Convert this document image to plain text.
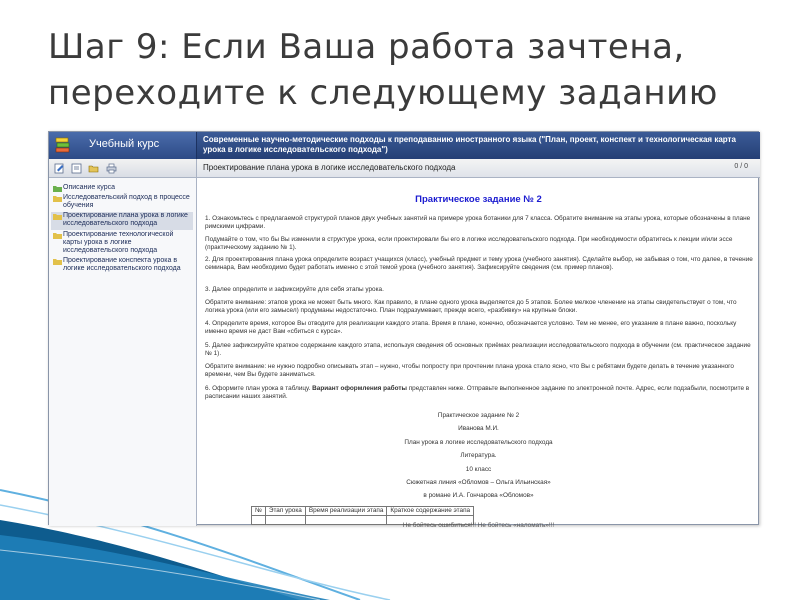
Шаг 9: Если Ваша работа зачтена,
переходите к следующему заданию
Учебный курс	Современные научно-методические подходы к преподаванию иностранного языка ("План, проект, конспект и технологическая карта урока в логике исследовательского подхода")
Проектирование плана урока в логике исследовательского подхода	0 / 0
Описание курса
Исследовательский подход в процессе обучения
Проектирование плана урока в логике исследовательского подхода
Проектирование технологической карты урока в логике исследовательского подхода
Проектирование конспекта урока в логике исследовательского подхода
Практическое задание № 2
1. Ознакомьтесь с предлагаемой структурой планов двух учебных занятий на примере урока ботаники для 7 класса. Обратите внимание на этапы урока, которые обозначены в плане римскими цифрами.
Подумайте о том, что бы Вы изменили в структуре урока, если проектировали бы его в логике исследовательского подхода. При необходимости обратитесь к лекции и/или эссе (практическому заданию № 1).
2. Для проектирования плана урока определите возраст учащихся (класс), учебный предмет и тему урока (учебного занятия). Сделайте выбор, не забывая о том, что далее, в течение семинара, Вам необходимо будет работать именно с этой темой урока (учебного занятия). Зафиксируйте сведения (см. пример планов).
3. Далее определите и зафиксируйте для себя этапы урока.
Обратите внимание: этапов урока не может быть много. Как правило, в плане одного урока выделяется до 5 этапов. Более мелкое членение на этапы свидетельствует о том, что логика урока (или его замысел) продуманы недостаточно. План подразумевает, прежде всего, «разбивку» на крупные блоки.
4. Определите время, которое Вы отводите для реализации каждого этапа. Время в плане, конечно, обозначается условно. Тем не менее, его указание в плане важно, поскольку именно время не даст Вам «сбиться с курса».
5. Далее зафиксируйте краткое содержание каждого этапа, используя сведения об основных приёмах реализации исследовательского подхода в обучении (см. практическое задание № 1).
Обратите внимание: не нужно подробно описывать этап – нужно, чтобы попросту при прочтении плана урока стало ясно, что Вы с ребятами будете делать в течение указанного времени, чем Вы будете заниматься.
6. Оформите план урока в таблицу. Вариант оформления работы представлен ниже. Отправьте выполненное задание по электронной почте. Адрес, если подзабыли, посмотрите в расписании наших занятий.
Практическое задание № 2
Иванова М.И.
План урока в логике исследовательского подхода
Литература.
10 класс
Сюжетная линия «Обломов – Ольга Ильинская»
в романе И.А. Гончарова «Обломов»
№	Этап урока	Время реализации этапа	Краткое содержание этапа

Не бойтесь ошибиться!!! Не бойтесь «наломать»!!!
